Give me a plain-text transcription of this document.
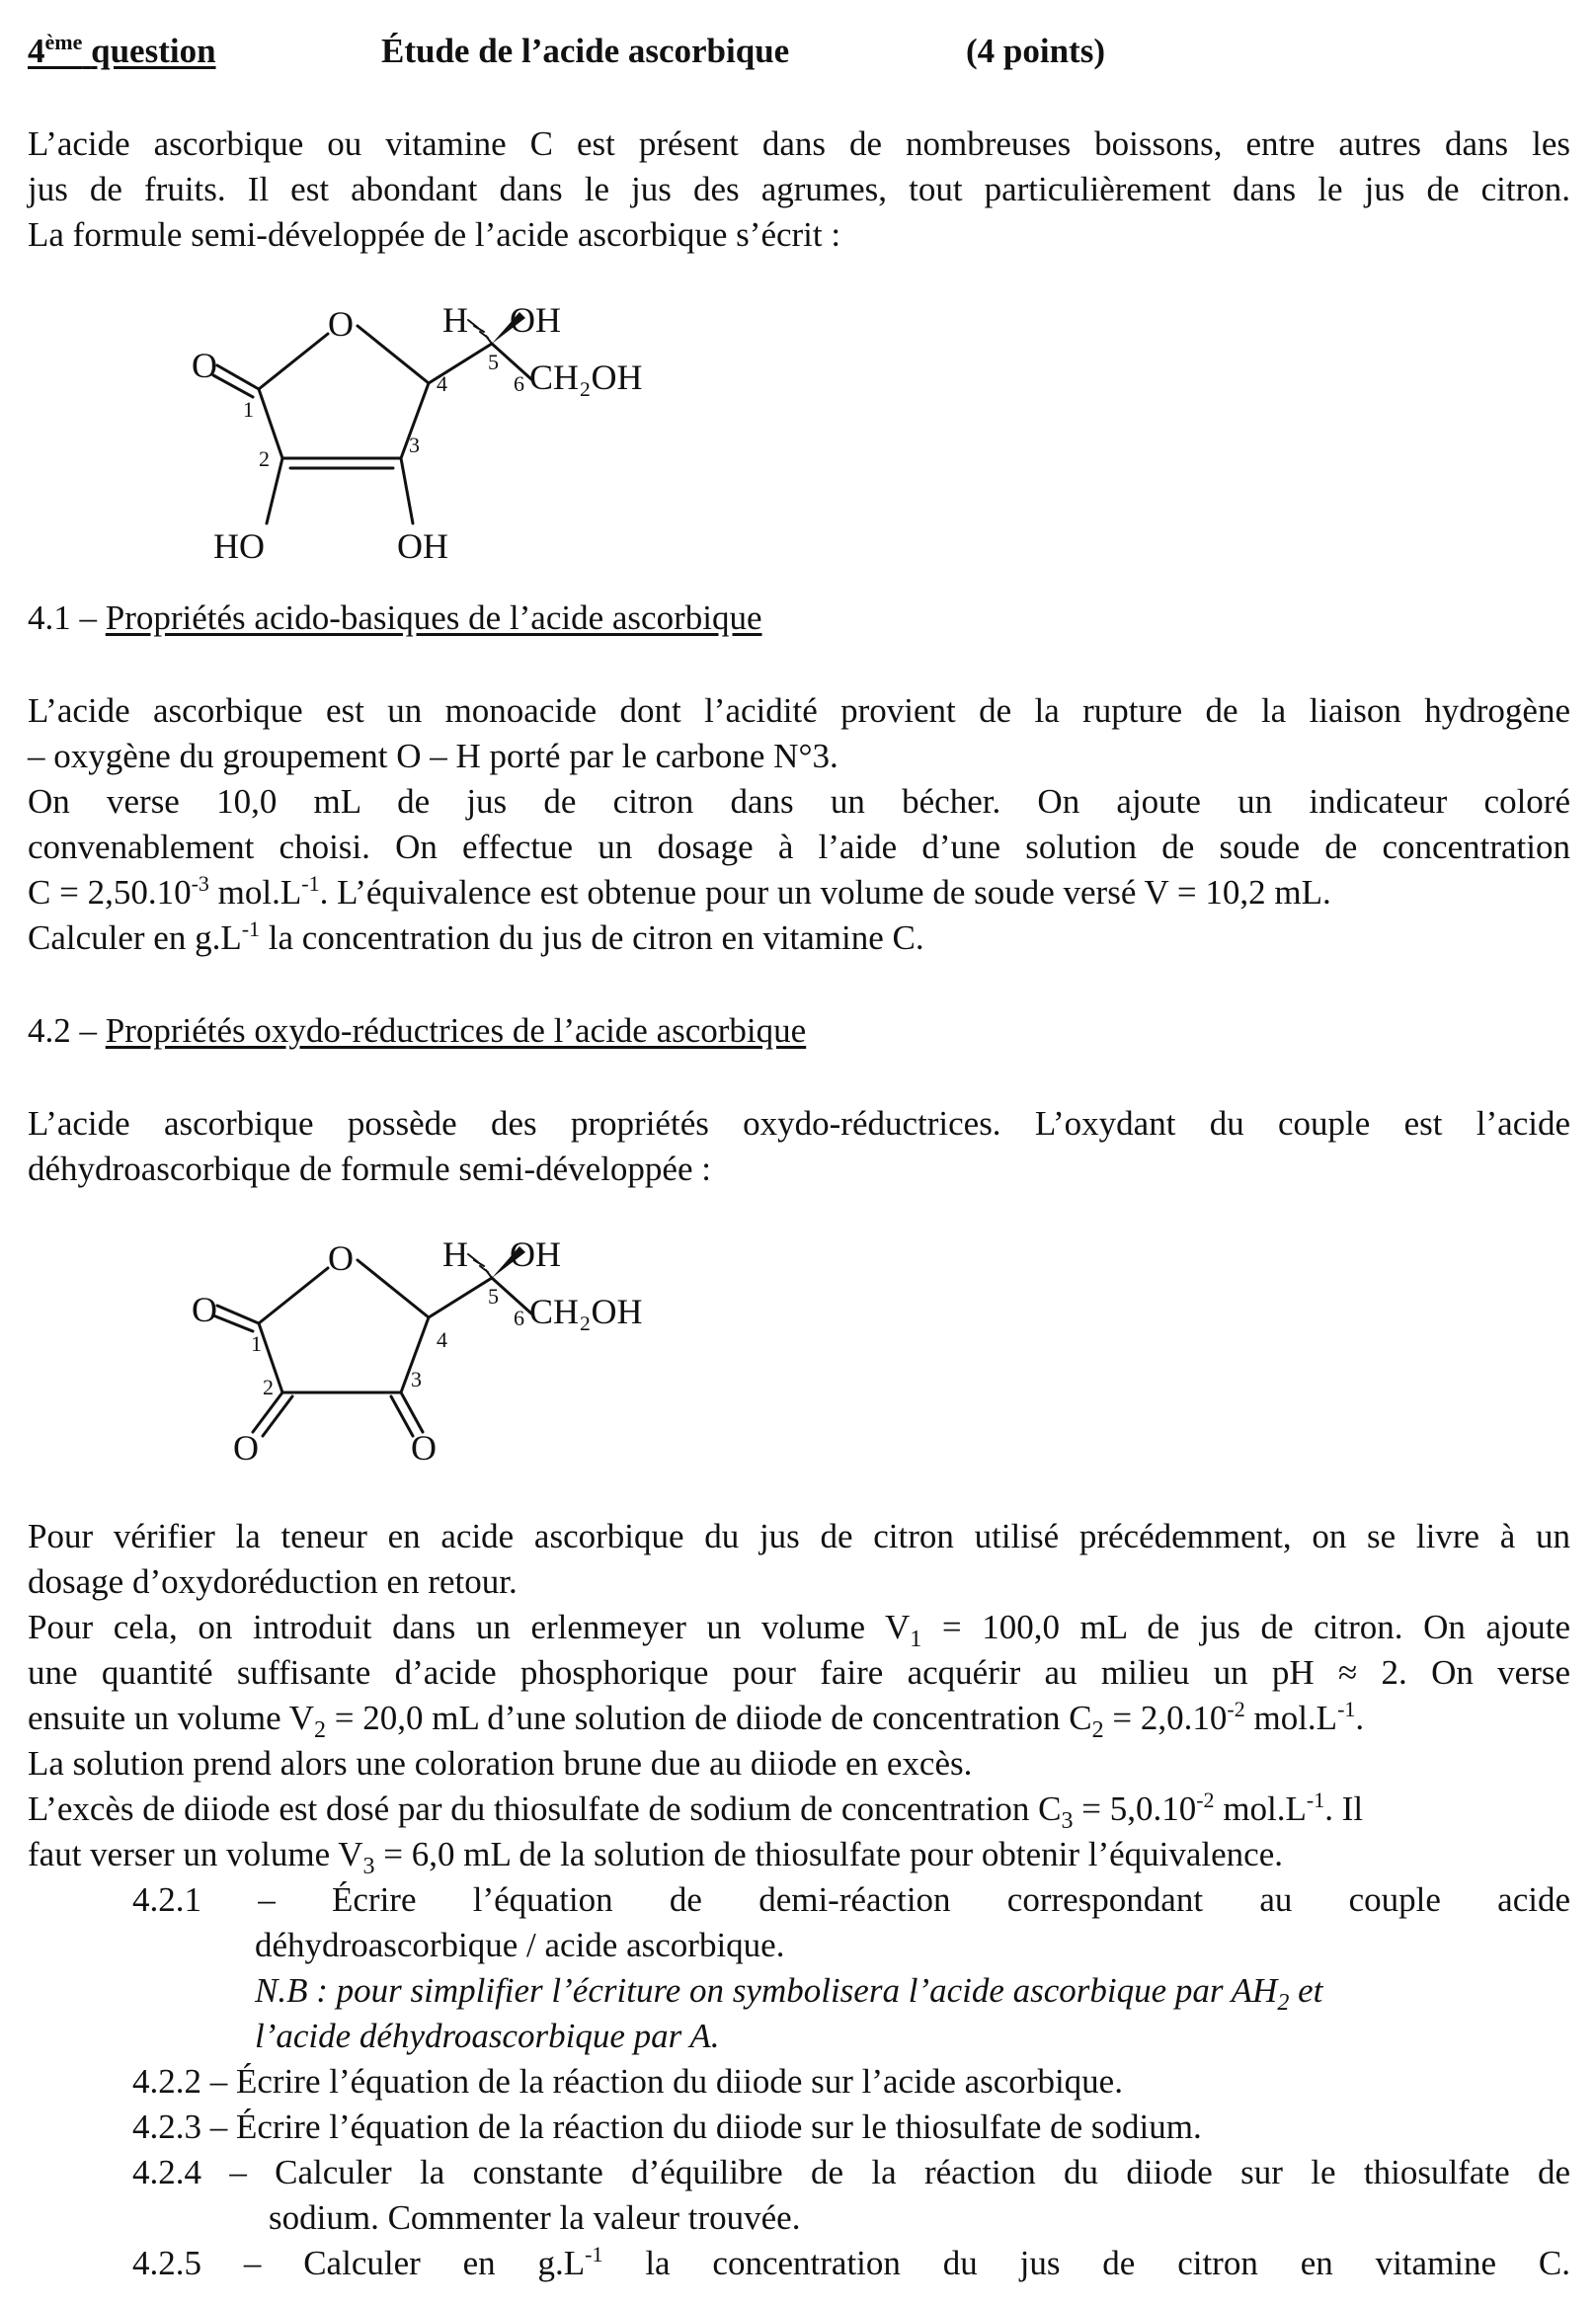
4ème question	Étude de l’acide ascorbique	(4 points)
L’acide ascorbique ou vitamine C est présent dans de nombreuses boissons, entre autres dans les
jus de fruits. Il est abondant dans le jus des agrumes, tout particulièrement dans le jus de citron.
La formule semi-développée de l’acide ascorbique s’écrit :
O
O
H OH
CH₂OH
HO	OH
1
2
3
4
5
6
4.1 – Propriétés acido-basiques de l’acide ascorbique
L’acide ascorbique est un monoacide dont l’acidité provient de la rupture de la liaison hydrogène
– oxygène du groupement O – H porté par le carbone N°3.
On verse 10,0 mL de jus de citron dans un bécher. On ajoute un indicateur coloré
convenablement choisi. On effectue un dosage à l’aide d’une solution de soude de concentration
$C = 2,50.10^{-3}$ $mol.L^{-1}$. L’équivalence est obtenue pour un volume de soude versé V = 10,2 mL.
Calculer en $g.L^{-1}$ la concentration du jus de citron en vitamine C.
4.2 – Propriétés oxydo-réductrices de l’acide ascorbique
L’acide ascorbique possède des propriétés oxydo-réductrices. L’oxydant du couple est l’acide
déhydroascorbique de formule semi-développée :
O
O
O	O
H OH
CH₂OH
1
2	3
4
5
6
Pour vérifier la teneur en acide ascorbique du jus de citron utilisé précédemment, on se livre à un
dosage d’oxydoréduction en retour.
Pour cela, on introduit dans un erlenmeyer un volume $V_1 = 100,0$ mL de jus de citron. On ajoute
une quantité suffisante d’acide phosphorique pour faire acquérir au milieu un pH ≈ 2. On verse
ensuite un volume $V_2 = 20,0$ mL d’une solution de diiode de concentration $C_2 = 2,0.10^{-2}$ $mol.L^{-1}$.
La solution prend alors une coloration brune due au diiode en excès.
L’excès de diiode est dosé par du thiosulfate de sodium de concentration $C_3 = 5,0.10^{-2}$ $mol.L^{-1}$. Il
faut verser un volume $V_3 = 6,0$ mL de la solution de thiosulfate pour obtenir l’équivalence.
4.2.1 – Écrire l’équation de demi-réaction correspondant au couple acide
déhydroascorbique / acide ascorbique.
N.B : pour simplifier l’écriture on symbolisera l’acide ascorbique par $AH_2$ et
l’acide déhydroascorbique par A.
4.2.2 – Écrire l’équation de la réaction du diiode sur l’acide ascorbique.
4.2.3 – Écrire l’équation de la réaction du diiode sur le thiosulfate de sodium.
4.2.4 – Calculer la constante d’équilibre de la réaction du diiode sur le thiosulfate de
sodium. Commenter la valeur trouvée.
4.2.5 – Calculer en $g.L^{-1}$ la concentration du jus de citron en vitamine C.
